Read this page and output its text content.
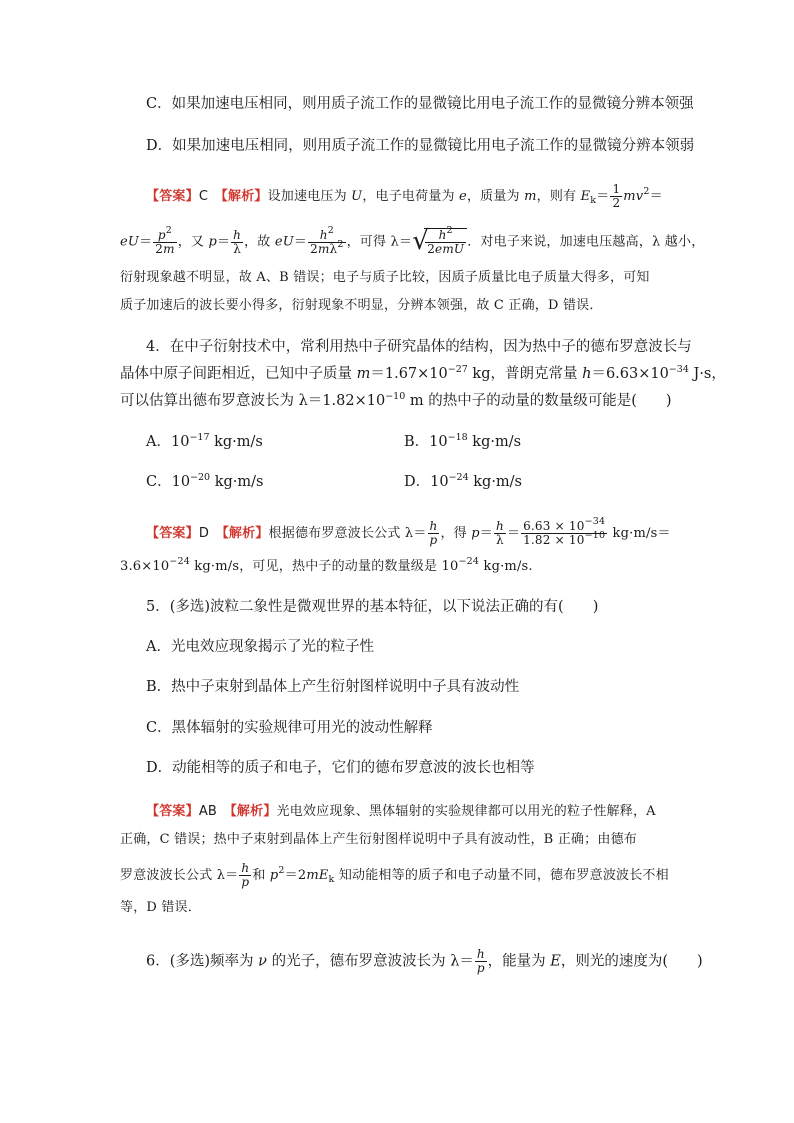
C．如果加速电压相同，则用质子流工作的显微镜比用电子流工作的显微镜分辨本领强
D．如果加速电压相同，则用质子流工作的显微镜比用电子流工作的显微镜分辨本领弱
【答案】C　 【解析】设加速电压为 U，电子电荷量为 e，质量为 m，则有 $E_k= \frac{1}{2} mv^2=$
$eU= \frac{p^2}{2m}$ ，又 $p= \frac{h}{\lambda}$ ，故 $eU= \frac{h^2}{2m\lambda^2}$ ，可得 λ＝
√ $\frac{h^2}{\text{2emU}}$ ．对电子来说，加速电压越高，λ 越小，
衍射现象越不明显，故 A、B 错误；电子与质子比较，因质子质量比电子质量大得多，可知
质子加速后的波长要小得多，衍射现象不明显，分辨本领强，故 C 正确，D 错误．
4．在中子衍射技术中，常利用热中子研究晶体的结构，因为热中子的德布罗意波长与
晶体中原子间距相近，已知中子质量 $m=1.67\times 10^{-27}$ kg，普朗克常量 $h=6.63\times 10^{-34}$ J·s，
可以估算出德布罗意波长为 $\lambda=1.82\times 10^{-10}$ m 的热中子的动量的数量级可能是(　　)
A．$10^{-17}$ kg·m/s	B．$10^{-18}$ kg·m/s
C．$10^{-20}$ kg·m/s	D．$10^{-24}$ kg·m/s
【答案】D　 【解析】根据德布罗意波长公式 $\lambda= \frac{h}{p}$ ，得 $p= \frac{h}{\lambda} = \frac{6.63 \times 10^{-34}}{1.82 \times 10^{-10}} kg\cdot m/s=$
$3.6\times 10^{-24}$ kg·m/s，可见，热中子的动量的数量级是 $10^{-24}$ kg·m/s.
5．(多选)波粒二象性是微观世界的基本特征，以下说法正确的有(　　)
A．光电效应现象揭示了光的粒子性
B．热中子束射到晶体上产生衍射图样说明中子具有波动性
C．黑体辐射的实验规律可用光的波动性解释
D．动能相等的质子和电子，它们的德布罗意波的波长也相等
【答案】AB　 【解析】光电效应现象、黑体辐射的实验规律都可以用光的粒子性解释，A
正确，C 错误；热中子束射到晶体上产生衍射图样说明中子具有波动性，B 正确；由德布
罗意波波长公式 $\lambda= \frac{h}{p}$ 和 $p^2=2mE_k$ 知动能相等的质子和电子动量不同，德布罗意波波长不相
等，D 错误．
6．(多选)频率为 ν 的光子，德布罗意波波长为 $\lambda= \frac{h}{p}$ ，能量为 E，则光的速度为(　　)
